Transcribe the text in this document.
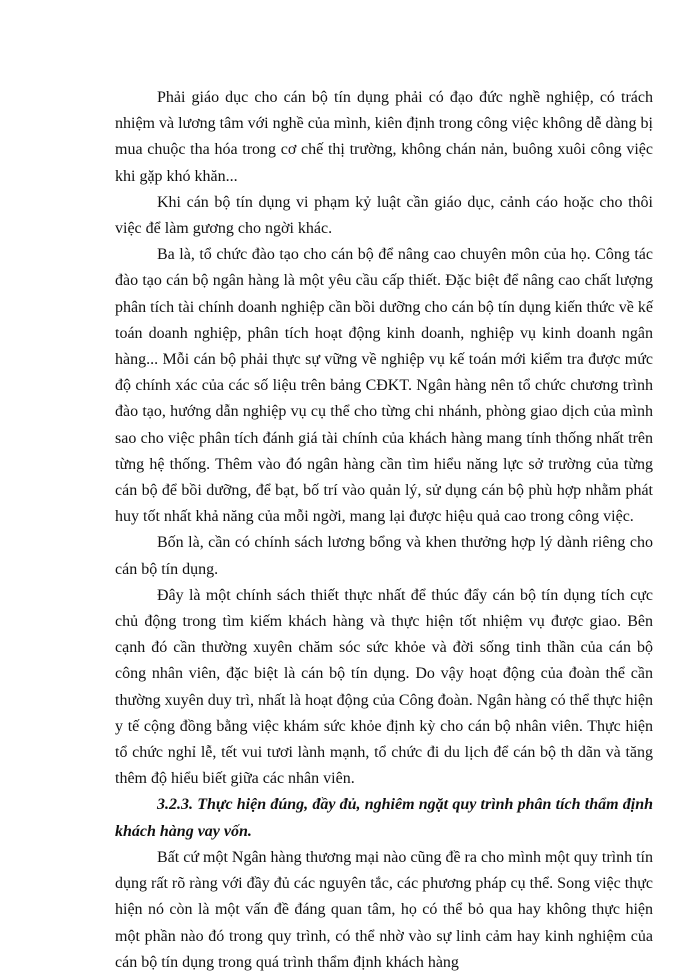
Phải giáo dục cho cán bộ tín dụng phải có đạo đức nghề nghiệp, có trách nhiệm và lương tâm với nghề của mình, kiên định trong công việc không dễ dàng bị mua chuộc tha hóa trong cơ chế thị trường, không chán nản, buông xuôi công việc khi gặp khó khăn...

Khi cán bộ tín dụng vi phạm kỷ luật cần giáo dục, cảnh cáo hoặc cho thôi việc để làm gương cho ngời khác.

Ba là, tổ chức đào tạo cho cán bộ để nâng cao chuyên môn của họ. Công tác đào tạo cán bộ ngân hàng là một yêu cầu cấp thiết. Đặc biệt để nâng cao chất lượng phân tích tài chính doanh nghiệp cần bồi dưỡng cho cán bộ tín dụng kiến thức về kế toán doanh nghiệp, phân tích hoạt động kinh doanh, nghiệp vụ kinh doanh ngân hàng... Mỗi cán bộ phải thực sự vững về nghiệp vụ kế toán mới kiểm tra được mức độ chính xác của các số liệu trên bảng CĐKT. Ngân hàng nên tổ chức chương trình đào tạo, hướng dẫn nghiệp vụ cụ thể cho từng chi nhánh, phòng giao dịch của mình sao cho việc phân tích đánh giá tài chính của khách hàng mang tính thống nhất trên từng hệ thống. Thêm vào đó ngân hàng cần tìm hiểu năng lực sở trường của từng cán bộ để bồi dưỡng, để bạt, bố trí vào quản lý, sử dụng cán bộ phù hợp nhằm phát huy tốt nhất khả năng của mỗi ngời, mang lại được hiệu quả cao trong công việc.

Bốn là, cần có chính sách lương bổng và khen thưởng hợp lý dành riêng cho cán bộ tín dụng.

Đây là một chính sách thiết thực nhất để thúc đẩy cán bộ tín dụng tích cực chủ động trong tìm kiếm khách hàng và thực hiện tốt nhiệm vụ được giao. Bên cạnh đó cần thường xuyên chăm sóc sức khỏe và đời sống tinh thần của cán bộ công nhân viên, đặc biệt là cán bộ tín dụng. Do vậy hoạt động của đoàn thể cần thường xuyên duy trì, nhất là hoạt động của Công đoàn. Ngân hàng có thể thực hiện y tế cộng đồng bằng việc khám sức khỏe định kỳ cho cán bộ nhân viên. Thực hiện tổ chức nghỉ lễ, tết vui tươi lành mạnh, tổ chức đi du lịch để cán bộ th dãn và tăng thêm độ hiểu biết giữa các nhân viên.

3.2.3. Thực hiện đúng, đầy đủ, nghiêm ngặt quy trình phân tích thẩm định khách hàng vay vốn.

Bất cứ một Ngân hàng thương mại nào cũng đề ra cho mình một quy trình tín dụng rất rõ ràng với đầy đủ các nguyên tắc, các phương pháp cụ thể. Song việc thực hiện nó còn là một vấn đề đáng quan tâm, họ có thể bỏ qua hay không thực hiện một phần nào đó trong quy trình, có thể nhờ vào sự linh cảm hay kinh nghiệm của cán bộ tín dụng trong quá trình thẩm định khách hàng
